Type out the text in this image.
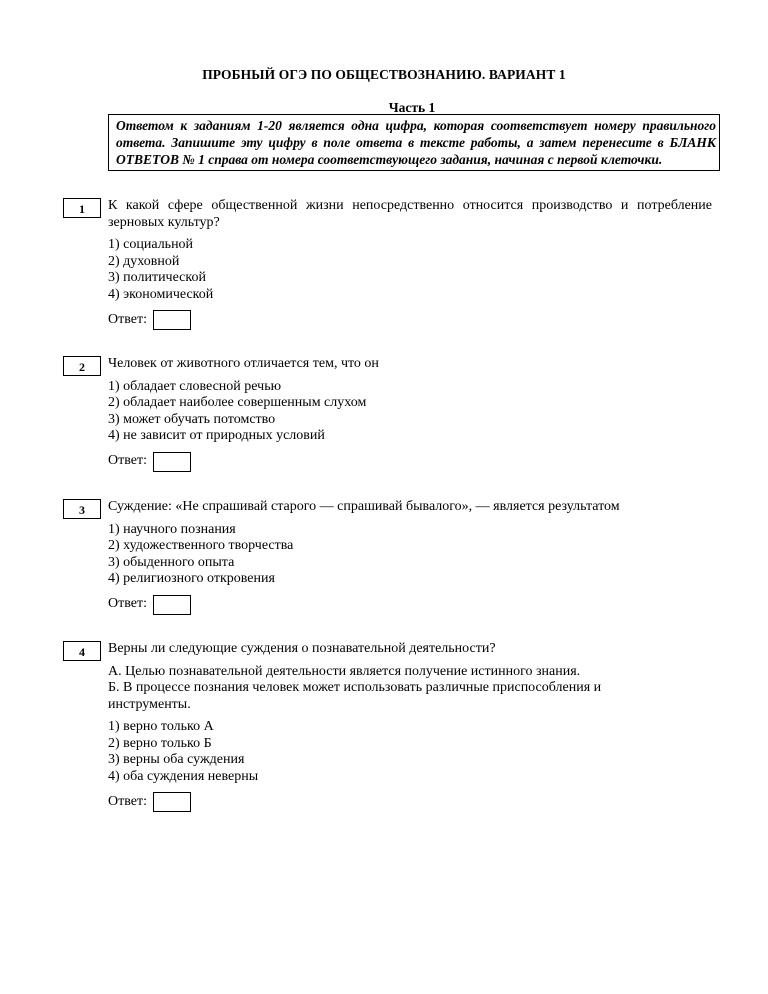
ПРОБНЫЙ ОГЭ ПО ОБЩЕСТВОЗНАНИЮ. ВАРИАНТ 1
Часть 1
Ответом к заданиям 1-20 является одна цифра, которая соответствует номеру правильного ответа. Запишите эту цифру в поле ответа в тексте работы, а затем перенесите в БЛАНК ОТВЕТОВ № 1 справа от номера соответствующего задания, начиная с первой клеточки.
1	К какой сфере общественной жизни непосредственно относится производство и потребление зерновых культур?
1) социальной
2) духовной
3) политической
4) экономической
Ответ:
2	Человек от животного отличается тем, что он
1) обладает словесной речью
2) обладает наиболее совершенным слухом
3) может обучать потомство
4) не зависит от природных условий
Ответ:
3	Суждение: «Не спрашивай старого — спрашивай бывалого», — является результатом
1) научного познания
2) художественного творчества
3) обыденного опыта
4) религиозного откровения
Ответ:
4	Верны ли следующие суждения о познавательной деятельности?
А. Целью познавательной деятельности является получение истинного знания.
Б. В процессе познания человек может использовать различные приспособления и инструменты.
1) верно только А
2) верно только Б
3) верны оба суждения
4) оба суждения неверны
Ответ:
